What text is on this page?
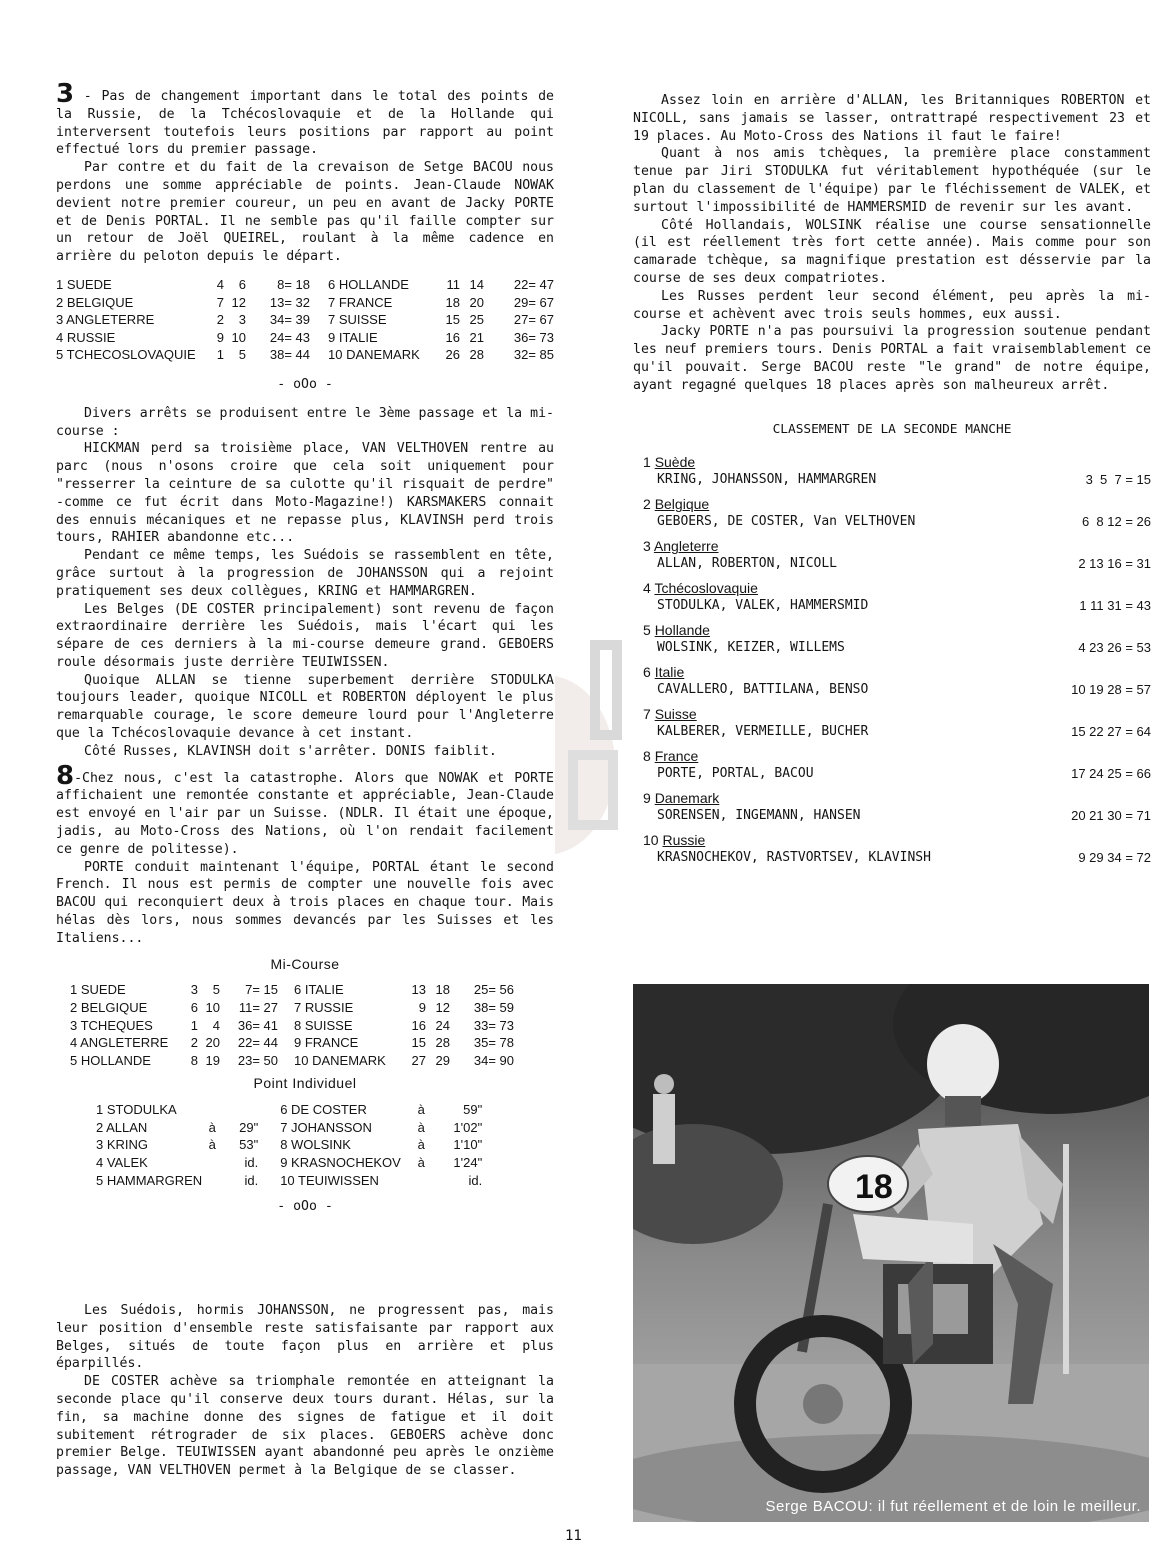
3 - Pas de changement important dans le total des points de la Russie, de la Tchécoslovaquie et de la Hollande qui interversent toutefois leurs positions par rapport au point effectué lors du premier passage.

Par contre et du fait de la crevaison de Setge BACOU nous perdons une somme appréciable de points. Jean-Claude NOWAK devient notre premier coureur, un peu en avant de Jacky PORTE et de Denis PORTAL. Il ne semble pas qu'il faille compter sur un retour de Joël QUEIREL, roulant à la même cadence en arrière du peloton depuis le départ.

1 SUEDE	4	6	8= 18	6 HOLLANDE	11	14	22= 47
2 BELGIQUE	7	12	13= 32	7 FRANCE	18	20	29= 67
3 ANGLETERRE	2	3	34= 39	7 SUISSE	15	25	27= 67
4 RUSSIE	9	10	24= 43	9 ITALIE	16	21	36= 73
5 TCHECOSLOVAQUIE	1	5	38= 44	10 DANEMARK	26	28	32= 85
- oOo -

Divers arrêts se produisent entre le 3ème passage et la mi-course :

HICKMAN perd sa troisième place, VAN VELTHOVEN rentre au parc (nous n'osons croire que cela soit uniquement pour "resserrer la ceinture de sa culotte qu'il risquait de perdre" -comme ce fut écrit dans Moto-Magazine!) KARSMAKERS connait des ennuis mécaniques et ne repasse plus, KLAVINSH perd trois tours, RAHIER abandonne etc...

Pendant ce même temps, les Suédois se rassemblent en tête, grâce surtout à la progression de JOHANSSON qui a rejoint pratiquement ses deux collègues, KRING et HAMMARGREN.

Les Belges (DE COSTER principalement) sont revenu de façon extraordinaire derrière les Suédois, mais l'écart qui les sépare de ces derniers à la mi-course demeure grand. GEBOERS roule désormais juste derrière TEUIWISSEN.

Quoique ALLAN se tienne superbement derrière STODULKA toujours leader, quoique NICOLL et ROBERTON déployent le plus remarquable courage, le score demeure lourd pour l'Angleterre que la Tchécoslovaquie devance à cet instant.

Côté Russes, KLAVINSH doit s'arrêter. DONIS faiblit.

8-Chez nous, c'est la catastrophe. Alors que NOWAK et PORTE affichaient une remontée constante et appréciable, Jean-Claude est envoyé en l'air par un Suisse. (NDLR. Il était une époque, jadis, au Moto-Cross des Nations, où l'on rendait facilement ce genre de politesse).

PORTE conduit maintenant l'équipe, PORTAL étant le second French. Il nous est permis de compter une nouvelle fois avec BACOU qui reconquiert deux à trois places en chaque tour. Mais hélas dès lors, nous sommes devancés par les Suisses et les Italiens...

Mi-Course
1 SUEDE	3	5	7= 15	6 ITALIE	13	18	25= 56
2 BELGIQUE	6	10	11= 27	7 RUSSIE	9	12	38= 59
3 TCHEQUES	1	4	36= 41	8 SUISSE	16	24	33= 73
4 ANGLETERRE	2	20	22= 44	9 FRANCE	15	28	35= 78
5 HOLLANDE	8	19	23= 50	10 DANEMARK	27	29	34= 90
Point Individuel
1 STODULKA			6 DE COSTER	à	59"
2 ALLAN	à	29"	7 JOHANSSON	à	1'02"
3 KRING	à	53"	8 WOLSINK	à	1'10"
4 VALEK		id.	9 KRASNOCHEKOV	à	1'24"
5 HAMMARGREN		id.	10 TEUIWISSEN		id.
- oOo -

Les Suédois, hormis JOHANSSON, ne progressent pas, mais leur position d'ensemble reste satisfaisante par rapport aux Belges, situés de toute façon plus en arrière et plus éparpillés.

DE COSTER achève sa triomphale remontée en atteignant la seconde place qu'il conserve deux tours durant. Hélas, sur la fin, sa machine donne des signes de fatigue et il doit subitement rétrograder de six places. GEBOERS achève donc premier Belge. TEUIWISSEN ayant abandonné peu après le onzième passage, VAN VELTHOVEN permet à la Belgique de se classer.

Assez loin en arrière d'ALLAN, les Britanniques ROBERTON et NICOLL, sans jamais se lasser, ontrattrapé respectivement 23 et 19 places. Au Moto-Cross des Nations il faut le faire!

Quant à nos amis tchèques, la première place constamment tenue par Jiri STODULKA fut véritablement hypothéquée (sur le plan du classement de l'équipe) par le fléchissement de VALEK, et surtout l'impossibilité de HAMMERSMID de revenir sur les avant.

Côté Hollandais, WOLSINK réalise une course sensationnelle (il est réellement très fort cette année). Mais comme pour son camarade tchèque, sa magnifique prestation est désservie par la course de ses deux compatriotes.

Les Russes perdent leur second élément, peu après la mi-course et achèvent avec trois seuls hommes, eux aussi.

Jacky PORTE n'a pas poursuivi la progression soutenue pendant les neuf premiers tours. Denis PORTAL a fait vraisemblablement ce qu'il pouvait. Serge BACOU reste "le grand" de notre équipe, ayant regagné quelques 18 places après son malheureux arrêt.

CLASSEMENT DE LA SECONDE MANCHE
1 Suède
KRING, JOHANSSON, HAMMARGREN	3  5  7 = 15
2 Belgique
GEBOERS, DE COSTER, Van VELTHOVEN	6  8 12 = 26
3 Angleterre
ALLAN, ROBERTON, NICOLL	2 13 16 = 31
4 Tchécoslovaquie
STODULKA, VALEK, HAMMERSMID	1 11 31 = 43
5 Hollande
WOLSINK, KEIZER, WILLEMS	4 23 26 = 53
6 Italie
CAVALLERO, BATTILANA, BENSO	10 19 28 = 57
7 Suisse
KALBERER, VERMEILLE, BUCHER	15 22 27 = 64
8 France
PORTE, PORTAL, BACOU	17 24 25 = 66
9 Danemark
SORENSEN, INGEMANN, HANSEN	20 21 30 = 71
10 Russie
KRASNOCHEKOV, RASTVORTSEV, KLAVINSH	9 29 34 = 72
18
Serge BACOU: il fut réellement et de loin le meilleur.
11
